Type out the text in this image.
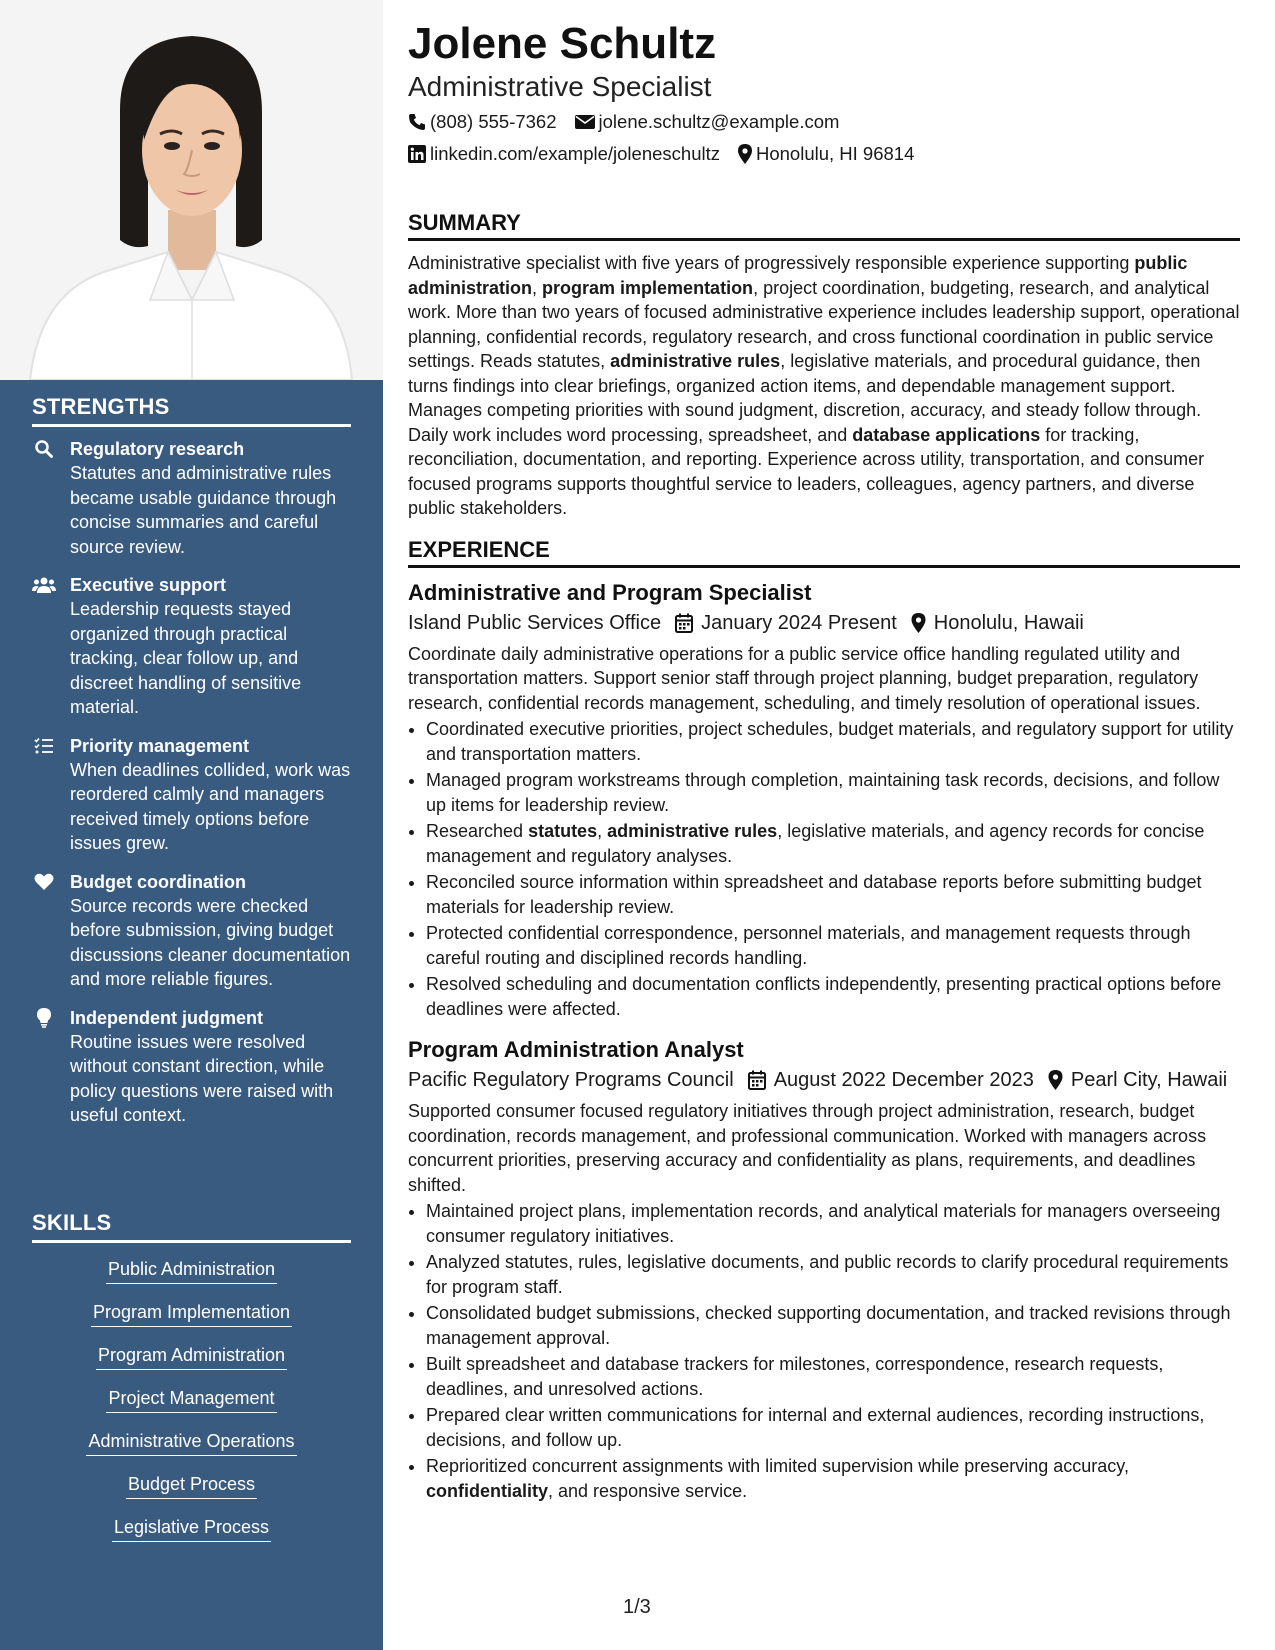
STRENGTHS
Regulatory research
Statutes and administrative rules became usable guidance through concise summaries and careful source review.
Executive support
Leadership requests stayed organized through practical tracking, clear follow up, and discreet handling of sensitive material.
Priority management
When deadlines collided, work was reordered calmly and managers received timely options before issues grew.
Budget coordination
Source records were checked before submission, giving budget discussions cleaner documentation and more reliable figures.
Independent judgment
Routine issues were resolved without constant direction, while policy questions were raised with useful context.
SKILLS
Public Administration
Program Implementation
Program Administration
Project Management
Administrative Operations
Budget Process
Legislative Process
Jolene Schultz
Administrative Specialist
(808) 555-7362 jolene.schultz@example.com
linkedin.com/example/joleneschultz Honolulu, HI 96814
SUMMARY

Administrative specialist with five years of progressively responsible experience supporting public administration, program implementation, project coordination, budgeting, research, and analytical work. More than two years of focused administrative experience includes leadership support, operational planning, confidential records, regulatory research, and cross functional coordination in public service settings. Reads statutes, administrative rules, legislative materials, and procedural guidance, then turns findings into clear briefings, organized action items, and dependable management support. Manages competing priorities with sound judgment, discretion, accuracy, and steady follow through. Daily work includes word processing, spreadsheet, and database applications for tracking, reconciliation, documentation, and reporting. Experience across utility, transportation, and consumer focused programs supports thoughtful service to leaders, colleagues, agency partners, and diverse public stakeholders.

EXPERIENCE
Administrative and Program Specialist
Island Public Services Office January 2024 Present Honolulu, Hawaii

Coordinate daily administrative operations for a public service office handling regulated utility and transportation matters. Support senior staff through project planning, budget preparation, regulatory research, confidential records management, scheduling, and timely resolution of operational issues.

• Coordinated executive priorities, project schedules, budget materials, and regulatory support for utility and transportation matters.
• Managed program workstreams through completion, maintaining task records, decisions, and follow up items for leadership review.
• Researched statutes, administrative rules, legislative materials, and agency records for concise management and regulatory analyses.
• Reconciled source information within spreadsheet and database reports before submitting budget materials for leadership review.
• Protected confidential correspondence, personnel materials, and management requests through careful routing and disciplined records handling.
• Resolved scheduling and documentation conflicts independently, presenting practical options before deadlines were affected.
Program Administration Analyst
Pacific Regulatory Programs Council August 2022 December 2023 Pearl City, Hawaii

Supported consumer focused regulatory initiatives through project administration, research, budget coordination, records management, and professional communication. Worked with managers across concurrent priorities, preserving accuracy and confidentiality as plans, requirements, and deadlines shifted.

• Maintained project plans, implementation records, and analytical materials for managers overseeing consumer regulatory initiatives.
• Analyzed statutes, rules, legislative documents, and public records to clarify procedural requirements for program staff.
• Consolidated budget submissions, checked supporting documentation, and tracked revisions through management approval.
• Built spreadsheet and database trackers for milestones, correspondence, research requests, deadlines, and unresolved actions.
• Prepared clear written communications for internal and external audiences, recording instructions, decisions, and follow up.
• Reprioritized concurrent assignments with limited supervision while preserving accuracy, confidentiality, and responsive service.
1/3
